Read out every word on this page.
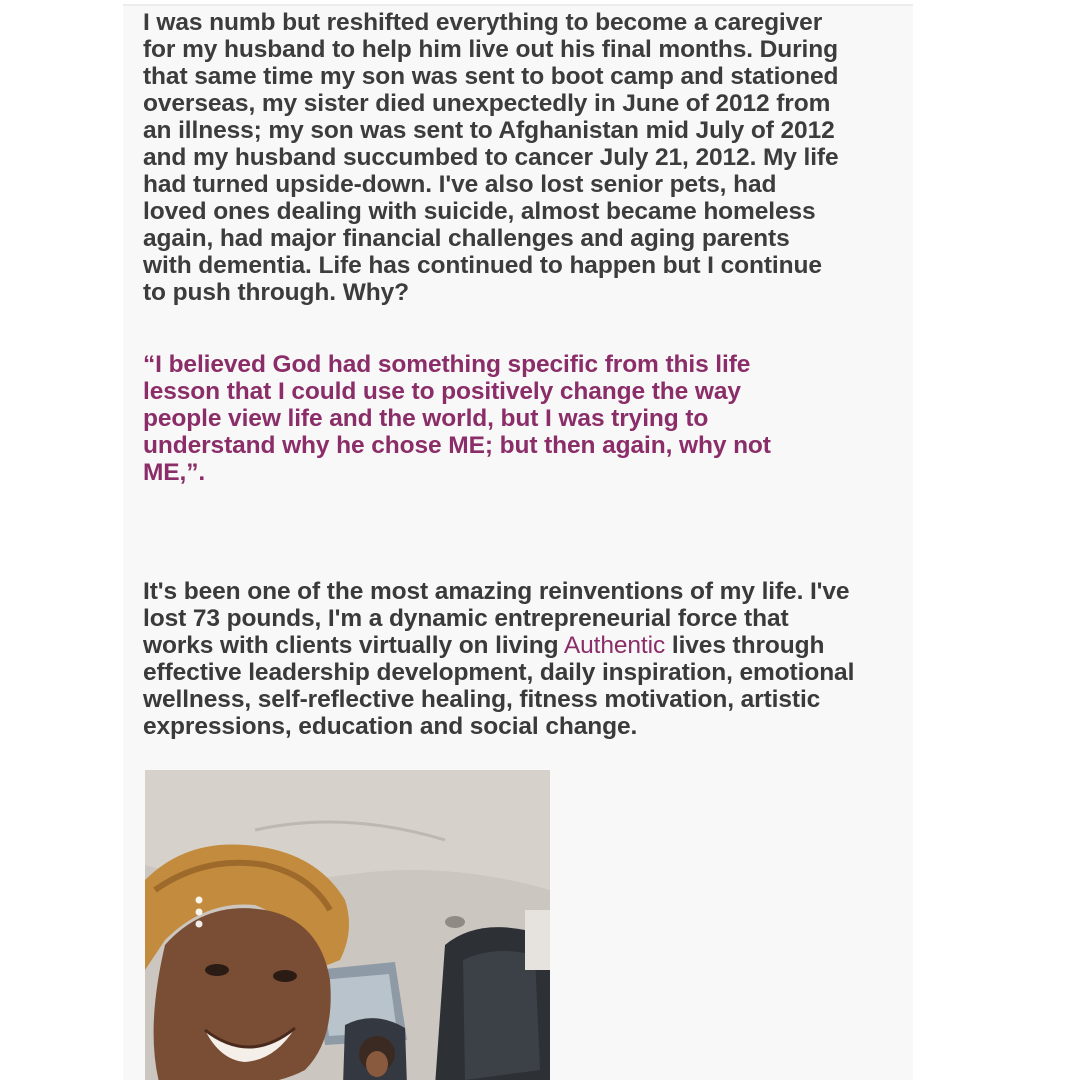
I was numb but reshifted everything to become a caregiver for my husband to help him live out his final months. During that same time my son was sent to boot camp and stationed overseas, my sister died unexpectedly in June of 2012 from an illness; my son was sent to Afghanistan mid July of 2012 and my husband succumbed to cancer July 21, 2012. My life had turned upside-down. I've also lost senior pets, had loved ones dealing with suicide, almost became homeless again, had major financial challenges and aging parents with dementia. Life has continued to happen but I continue to push through. Why?

“I believed God had something specific from this life lesson that I could use to positively change the way people view life and the world, but I was trying to understand why he chose ME; but then again, why not ME,”.

It's been one of the most amazing reinventions of my life. I've lost 73 pounds, I'm a dynamic entrepreneurial force that works with clients virtually on living Authentic lives through effective leadership development, daily inspiration, emotional wellness, self-reflective healing, fitness motivation, artistic expressions, education and social change.
